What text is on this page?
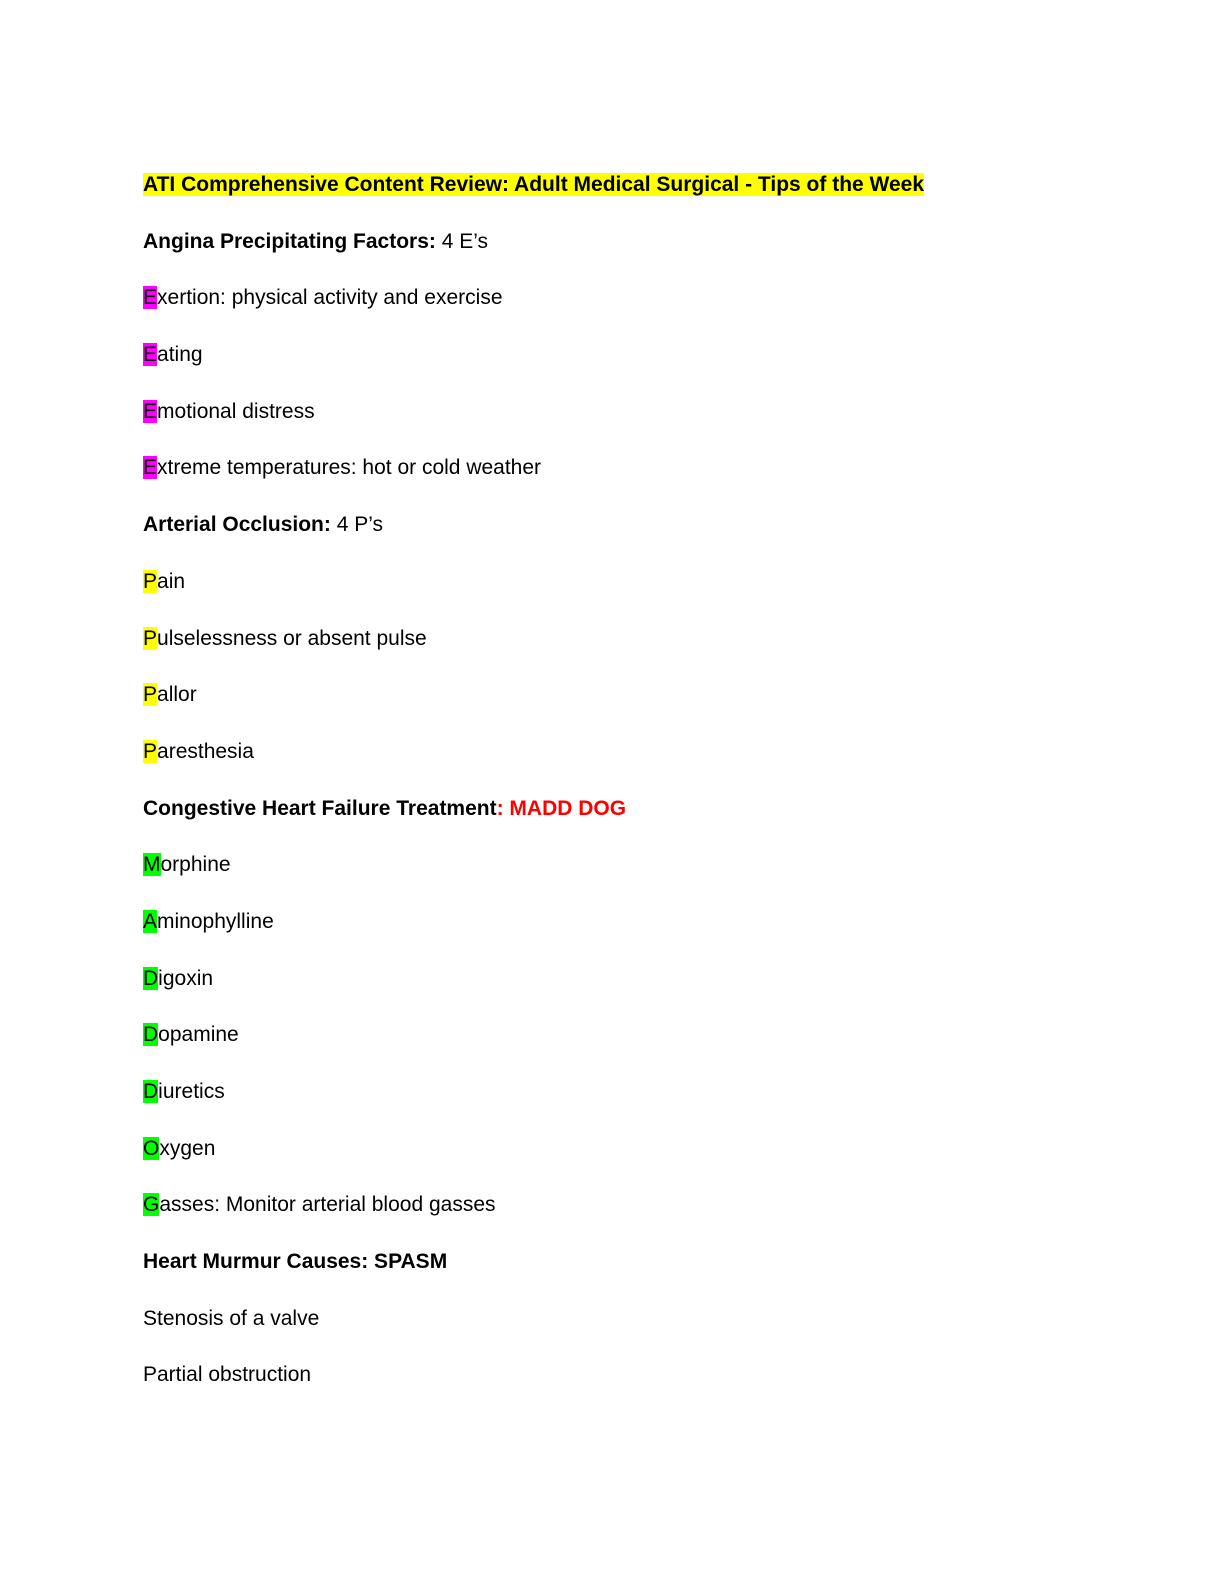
ATI Comprehensive Content Review: Adult Medical Surgical - Tips of the Week
Angina Precipitating Factors: 4 E’s
Exertion: physical activity and exercise
Eating
Emotional distress
Extreme temperatures: hot or cold weather
Arterial Occlusion: 4 P’s
Pain
Pulselessness or absent pulse
Pallor
Paresthesia
Congestive Heart Failure Treatment: MADD DOG
Morphine
Aminophylline
Digoxin
Dopamine
Diuretics
Oxygen
Gasses: Monitor arterial blood gasses
Heart Murmur Causes: SPASM
Stenosis of a valve
Partial obstruction
